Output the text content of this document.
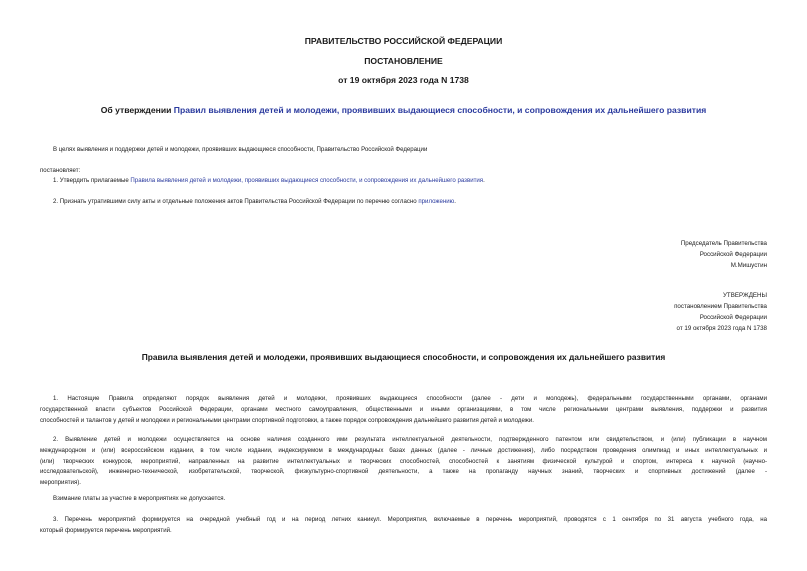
ПРАВИТЕЛЬСТВО РОССИЙСКОЙ ФЕДЕРАЦИИ
ПОСТАНОВЛЕНИЕ
от 19 октября 2023 года N 1738
Об утверждении Правил выявления детей и молодежи, проявивших выдающиеся способности, и сопровождения их дальнейшего развития
В целях выявления и поддержки детей и молодежи, проявивших выдающиеся способности, Правительство Российской Федерации
постановляет:
1. Утвердить прилагаемые Правила выявления детей и молодежи, проявивших выдающиеся способности, и сопровождения их дальнейшего развития.
2. Признать утратившими силу акты и отдельные положения актов Правительства Российской Федерации по перечню согласно приложению.
Председатель Правительства
Российской Федерации
М.Мишустин
УТВЕРЖДЕНЫ
постановлением Правительства
Российской Федерации
от 19 октября 2023 года N 1738
Правила выявления детей и молодежи, проявивших выдающиеся способности, и сопровождения их дальнейшего развития
1. Настоящие Правила определяют порядок выявления детей и молодежи, проявивших выдающиеся способности (далее - дети и молодежь), федеральными государственными органами, органами
государственной власти субъектов Российской Федерации, органами местного самоуправления, общественными и иными организациями, в том числе региональными центрами выявления, поддержки и развития
способностей и талантов у детей и молодежи и региональными центрами спортивной подготовки, а также порядок сопровождения дальнейшего развития детей и молодежи.
2. Выявление детей и молодежи осуществляется на основе наличия созданного ими результата интеллектуальной деятельности, подтвержденного патентом или свидетельством, и (или) публикации в научном
международном и (или) всероссийском издании, в том числе издании, индексируемом в международных базах данных (далее - личные достижения), либо посредством проведения олимпиад и иных интеллектуальных и
(или) творческих конкурсов, мероприятий, направленных на развитие интеллектуальных и творческих способностей, способностей к занятиям физической культурой и спортом, интереса к научной (научно-
исследовательской), инженерно-технической, изобретательской, творческой, физкультурно-спортивной деятельности, а также на пропаганду научных знаний, творческих и спортивных достижений (далее -
мероприятия).
Взимание платы за участие в мероприятиях не допускается.
3. Перечень мероприятий формируется на очередной учебный год и на период летних каникул. Мероприятия, включаемые в перечень мероприятий, проводятся с 1 сентября по 31 августа учебного года, на
который формируется перечень мероприятий.
